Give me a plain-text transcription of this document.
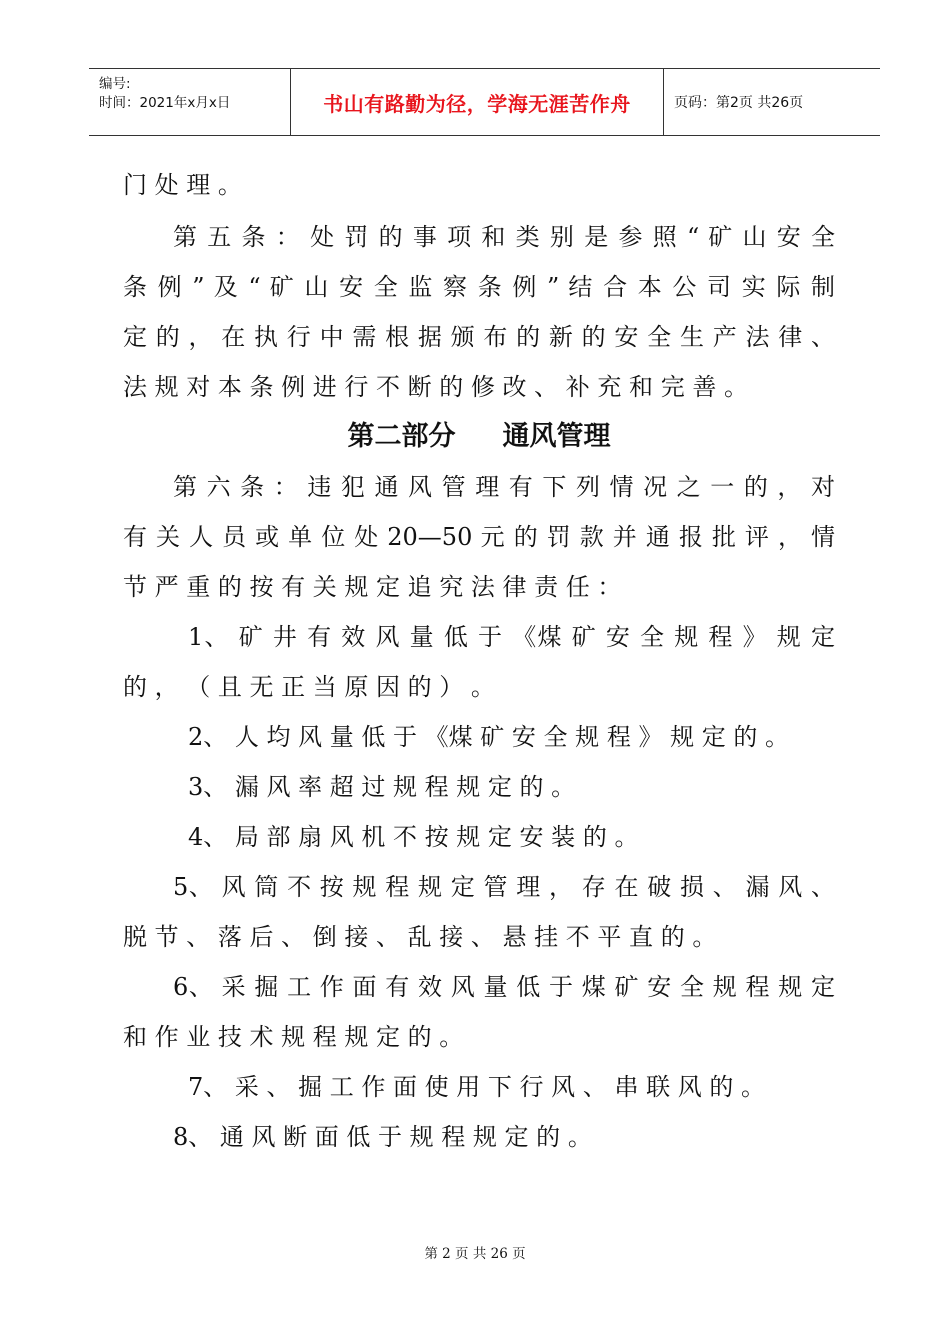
编号:
时间：2021年x月x日	书山有路勤为径，学海无涯苦作舟	页码：第2页 共26页
门 处 理 。
第 五 条 ： 处 罚 的 事 项 和 类 别 是 参 照 “ 矿 山 安 全
条 例 ” 及 “ 矿 山 安 全 监 察 条 例 ” 结 合 本 公 司 实 际 制
定 的 ， 在 执 行 中 需 根 据 颁 布 的 新 的 安 全 生 产 法 律 、
法 规 对 本 条 例 进 行 不 断 的 修 改 、 补 充 和 完 善 。
第二部分     通风管理
第 六 条 ： 违 犯 通 风 管 理 有 下 列 情 况 之 一 的 ， 对
有 关 人 员 或 单 位 处 20—50 元 的 罚 款 并 通 报 批 评 ， 情
节 严 重 的 按 有 关 规 定 追 究 法 律 责 任 ：
1、 矿 井 有 效 风 量 低 于 《煤 矿 安 全 规 程 》 规 定
的 ， （ 且 无 正 当 原 因 的 ） 。
2、 人 均 风 量 低 于 《煤 矿 安 全 规 程 》 规 定 的 。
3、 漏 风 率 超 过 规 程 规 定 的 。
4、 局 部 扇 风 机 不 按 规 定 安 装 的 。
5、 风 筒 不 按 规 程 规 定 管 理 ， 存 在 破 损 、 漏 风 、
脱 节 、 落 后 、 倒 接 、 乱 接 、 悬 挂 不 平 直 的 。
6、 采 掘 工 作 面 有 效 风 量 低 于 煤 矿 安 全 规 程 规 定
和 作 业 技 术 规 程 规 定 的 。
7、 采 、 掘 工 作 面 使 用 下 行 风 、 串 联 风 的 。
8、 通 风 断 面 低 于 规 程 规 定 的 。
第 2 页 共 26 页
